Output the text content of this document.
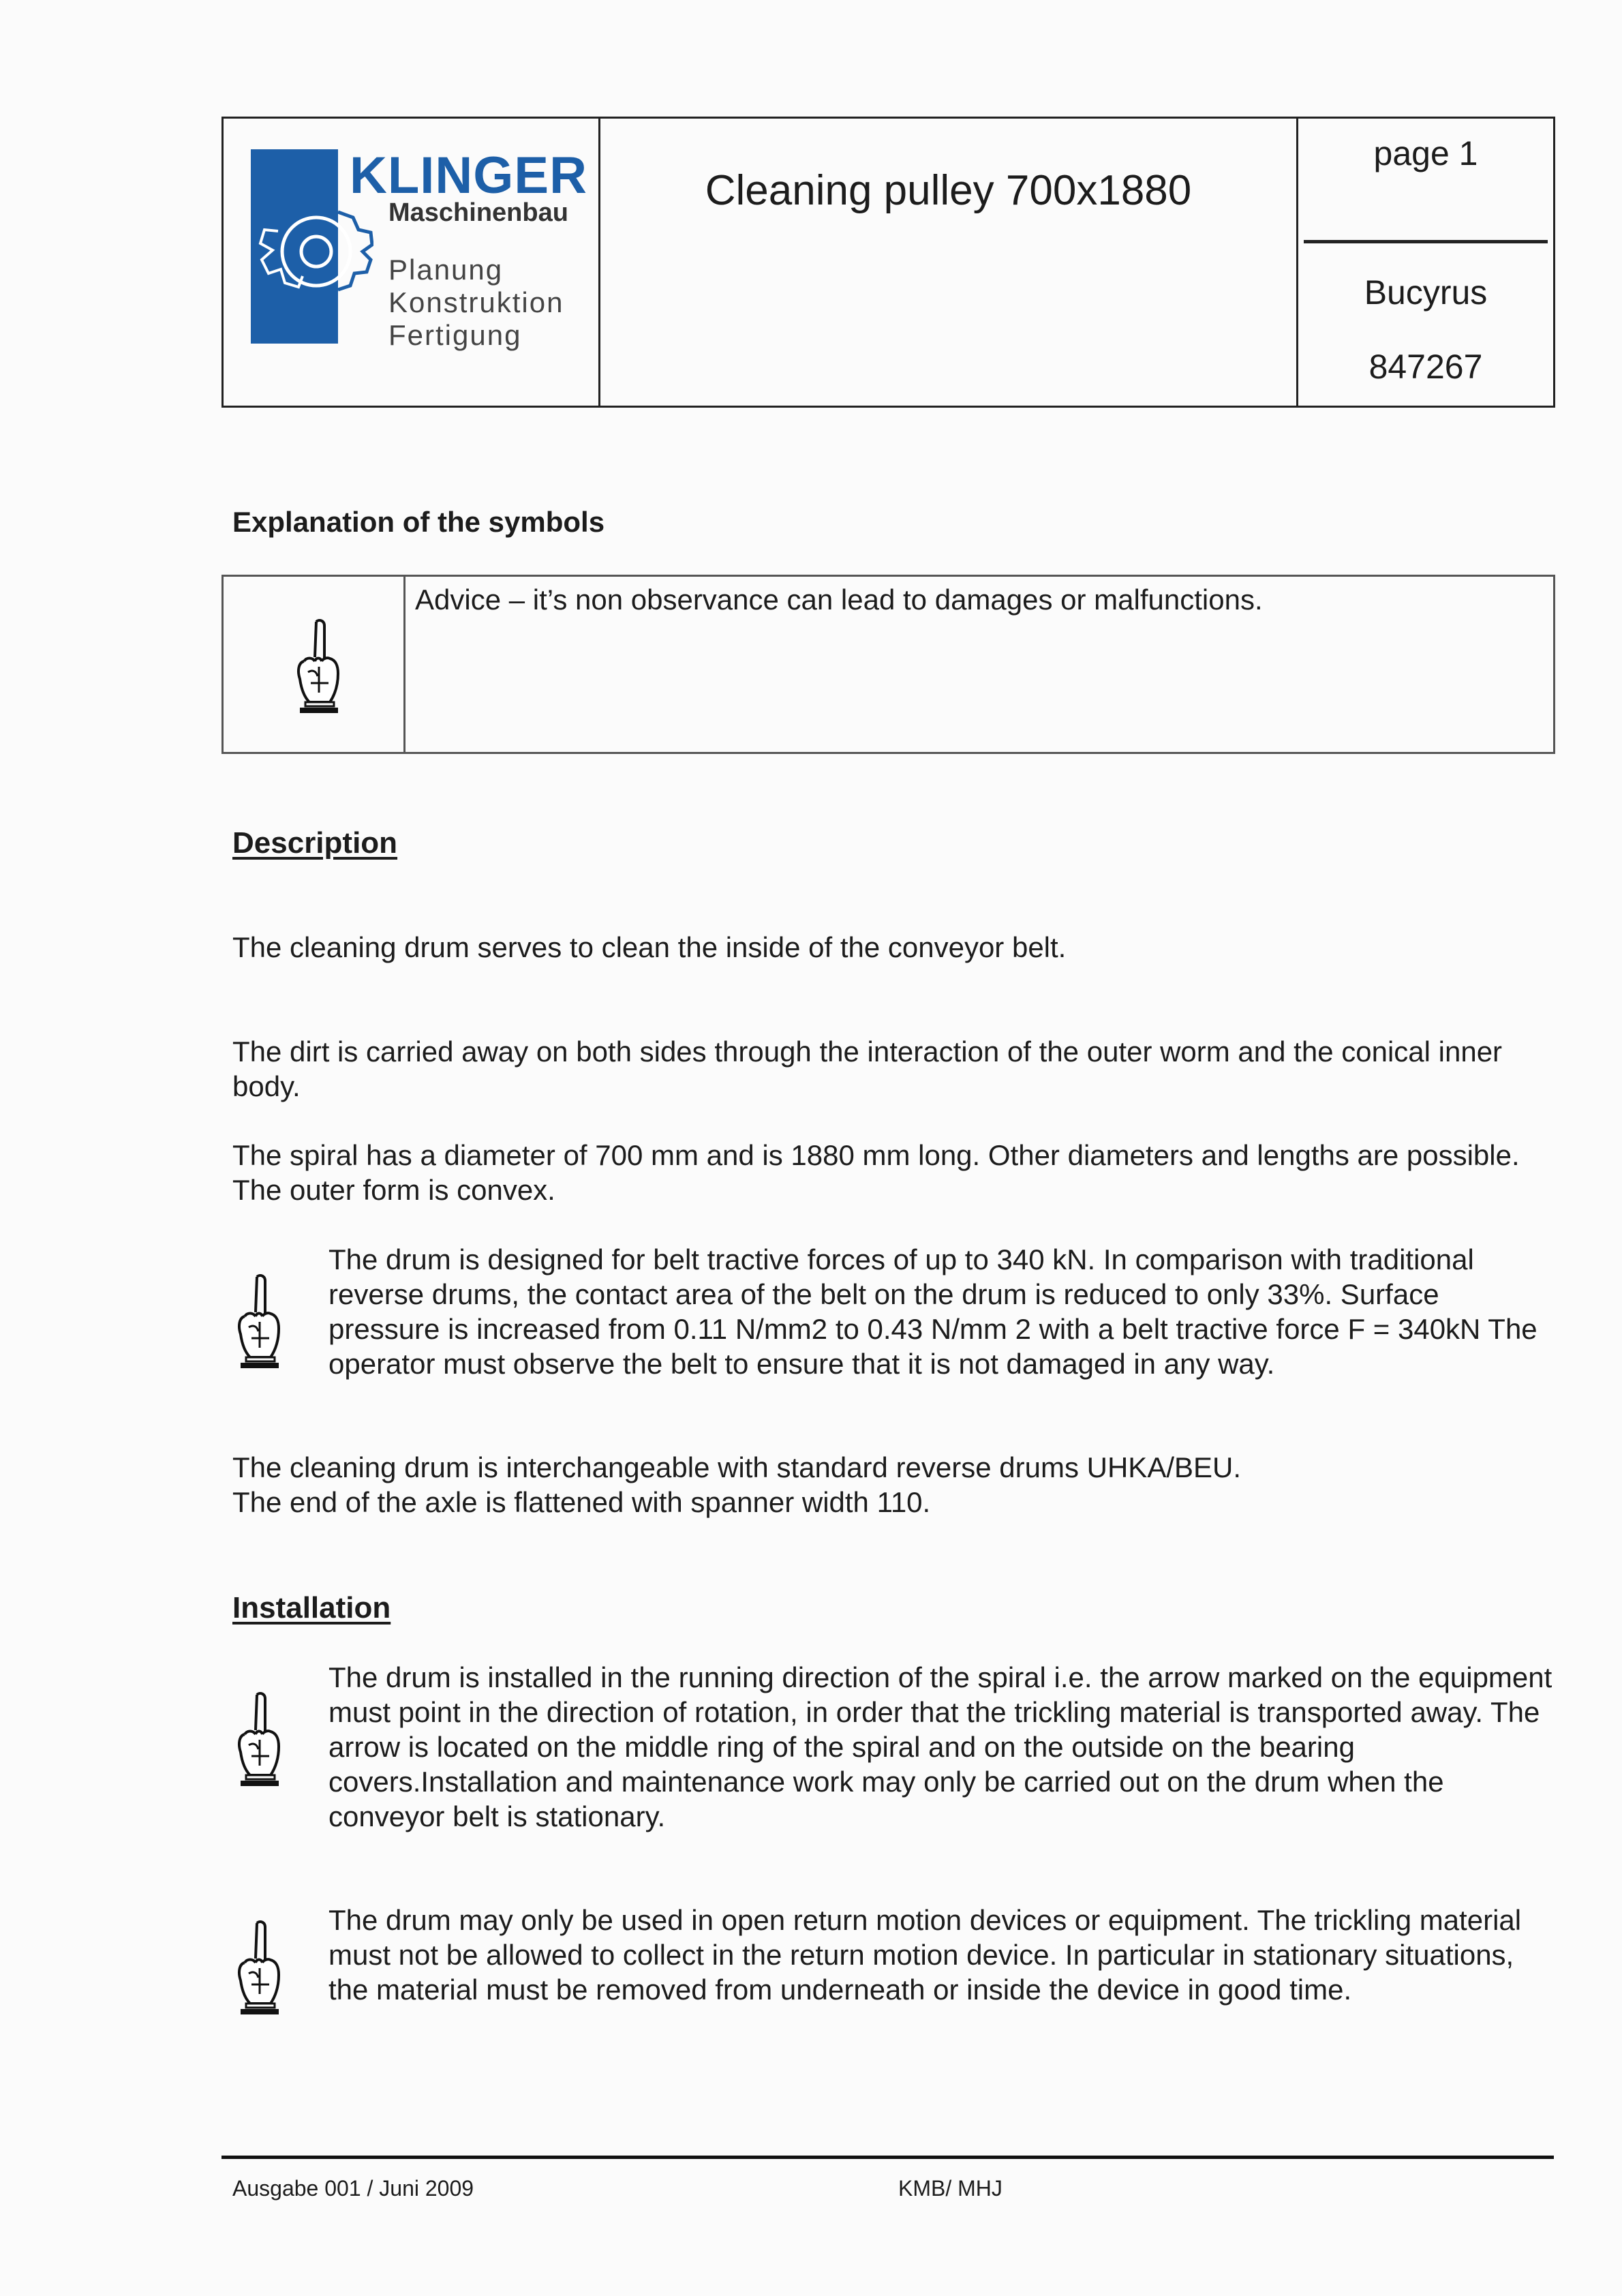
KLINGER
Maschinenbau
Planung
Konstruktion
Fertigung
Cleaning pulley 700x1880
page 1
Bucyrus
847267
Explanation of the symbols
Advice – it’s non observance can lead to damages or malfunctions.
Description
The cleaning drum serves to clean the inside of the conveyor belt.
The dirt is carried away on both sides through the interaction of the outer worm and the conical inner body.
The spiral has a diameter of 700 mm and is 1880 mm long. Other diameters and lengths are possible. The outer form is convex.
The drum is designed for belt tractive forces of up to 340 kN. In comparison with traditional reverse drums, the contact area of the belt on the drum is reduced to only 33%. Surface pressure is increased from 0.11 N/mm2 to 0.43 N/mm 2 with a belt tractive force F = 340kN The operator must observe the belt to ensure that it is not damaged in any way.
The cleaning drum is interchangeable with standard reverse drums UHKA/BEU.
The end of the axle is flattened with spanner width 110.
Installation
The drum is installed in the running direction of the spiral i.e. the arrow marked on the equipment must point in the direction of rotation, in order that the trickling material is transported away. The arrow is located on the middle ring of the spiral and on the outside on the bearing covers.Installation and maintenance work may only be carried out on the drum when the conveyor belt is stationary.
The drum may only be used in open return motion devices or equipment. The trickling material must not be allowed to collect in the return motion device. In particular in stationary situations, the material must be removed from underneath or inside the device in good time.
Ausgabe 001 / Juni 2009	KMB/ MHJ
